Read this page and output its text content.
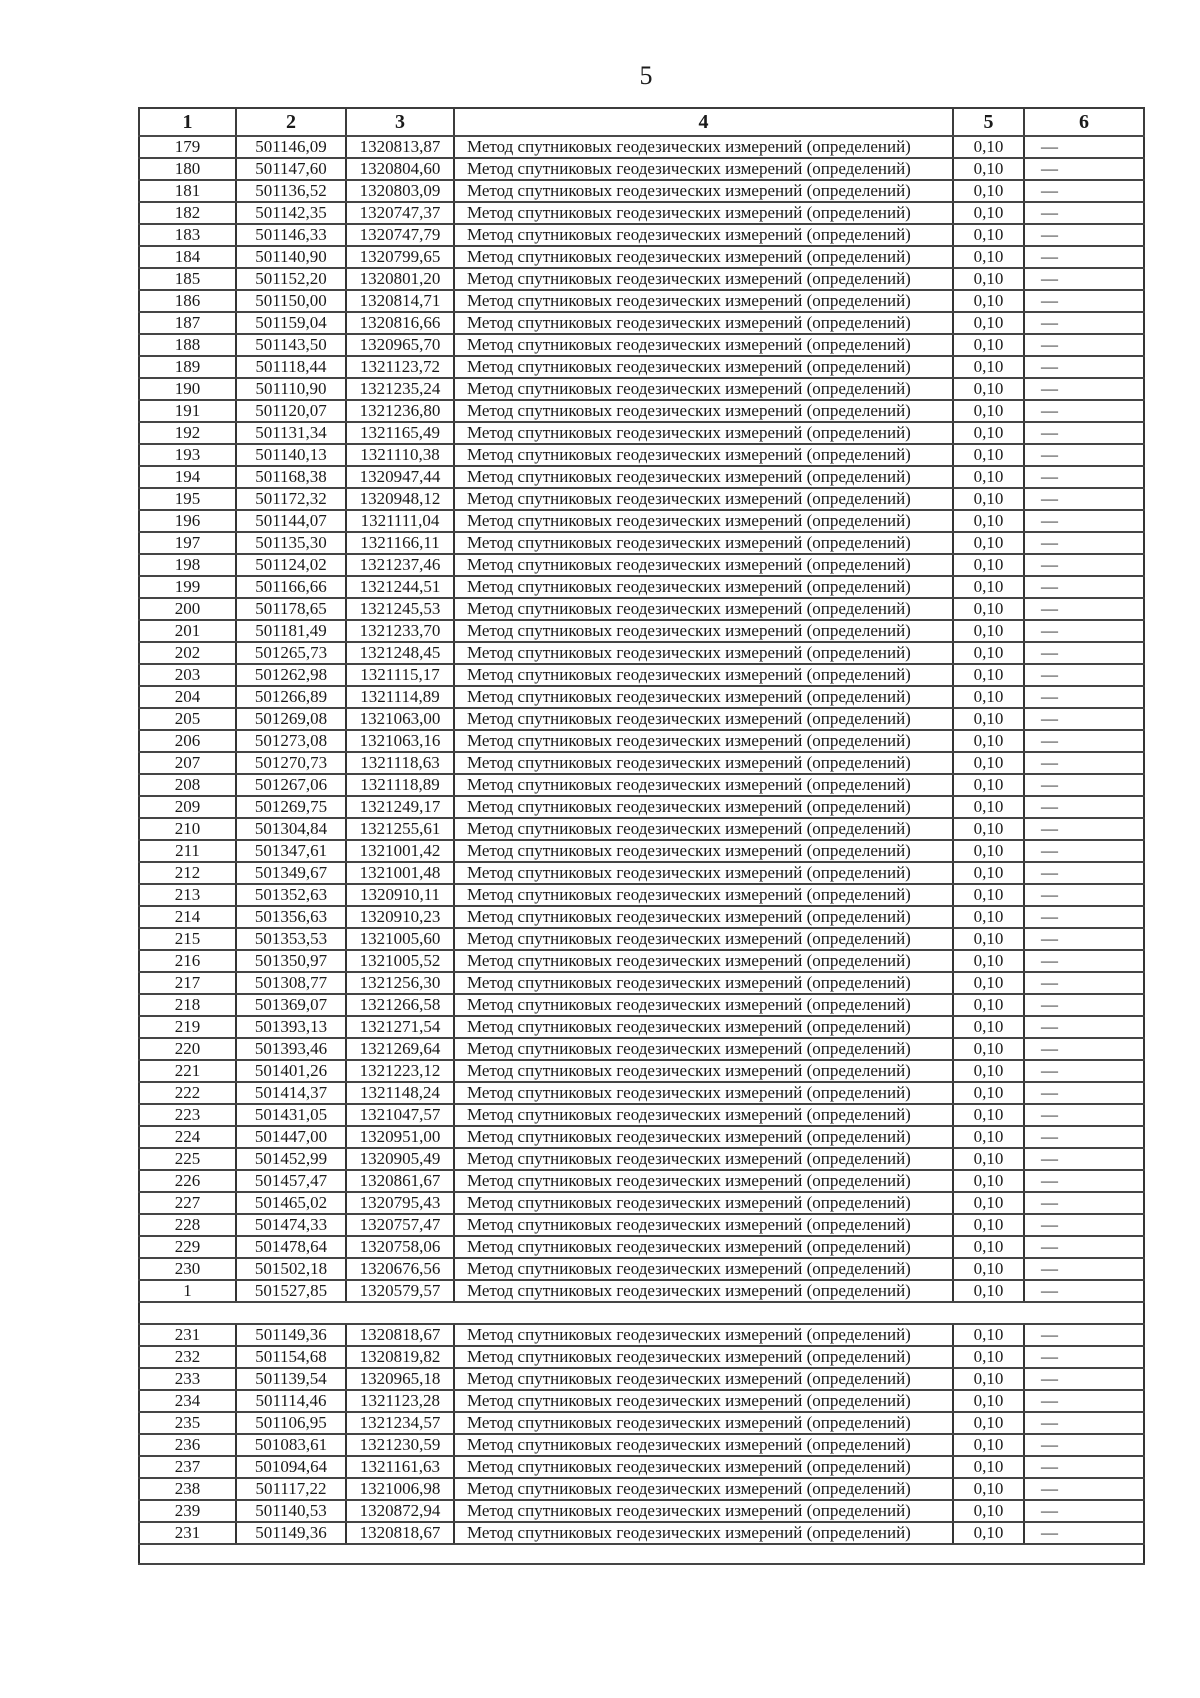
5
1	2	3	4	5	6
179	501146,09	1320813,87	Метод спутниковых геодезических измерений (определений)	0,10	—
180	501147,60	1320804,60	Метод спутниковых геодезических измерений (определений)	0,10	—
181	501136,52	1320803,09	Метод спутниковых геодезических измерений (определений)	0,10	—
182	501142,35	1320747,37	Метод спутниковых геодезических измерений (определений)	0,10	—
183	501146,33	1320747,79	Метод спутниковых геодезических измерений (определений)	0,10	—
184	501140,90	1320799,65	Метод спутниковых геодезических измерений (определений)	0,10	—
185	501152,20	1320801,20	Метод спутниковых геодезических измерений (определений)	0,10	—
186	501150,00	1320814,71	Метод спутниковых геодезических измерений (определений)	0,10	—
187	501159,04	1320816,66	Метод спутниковых геодезических измерений (определений)	0,10	—
188	501143,50	1320965,70	Метод спутниковых геодезических измерений (определений)	0,10	—
189	501118,44	1321123,72	Метод спутниковых геодезических измерений (определений)	0,10	—
190	501110,90	1321235,24	Метод спутниковых геодезических измерений (определений)	0,10	—
191	501120,07	1321236,80	Метод спутниковых геодезических измерений (определений)	0,10	—
192	501131,34	1321165,49	Метод спутниковых геодезических измерений (определений)	0,10	—
193	501140,13	1321110,38	Метод спутниковых геодезических измерений (определений)	0,10	—
194	501168,38	1320947,44	Метод спутниковых геодезических измерений (определений)	0,10	—
195	501172,32	1320948,12	Метод спутниковых геодезических измерений (определений)	0,10	—
196	501144,07	1321111,04	Метод спутниковых геодезических измерений (определений)	0,10	—
197	501135,30	1321166,11	Метод спутниковых геодезических измерений (определений)	0,10	—
198	501124,02	1321237,46	Метод спутниковых геодезических измерений (определений)	0,10	—
199	501166,66	1321244,51	Метод спутниковых геодезических измерений (определений)	0,10	—
200	501178,65	1321245,53	Метод спутниковых геодезических измерений (определений)	0,10	—
201	501181,49	1321233,70	Метод спутниковых геодезических измерений (определений)	0,10	—
202	501265,73	1321248,45	Метод спутниковых геодезических измерений (определений)	0,10	—
203	501262,98	1321115,17	Метод спутниковых геодезических измерений (определений)	0,10	—
204	501266,89	1321114,89	Метод спутниковых геодезических измерений (определений)	0,10	—
205	501269,08	1321063,00	Метод спутниковых геодезических измерений (определений)	0,10	—
206	501273,08	1321063,16	Метод спутниковых геодезических измерений (определений)	0,10	—
207	501270,73	1321118,63	Метод спутниковых геодезических измерений (определений)	0,10	—
208	501267,06	1321118,89	Метод спутниковых геодезических измерений (определений)	0,10	—
209	501269,75	1321249,17	Метод спутниковых геодезических измерений (определений)	0,10	—
210	501304,84	1321255,61	Метод спутниковых геодезических измерений (определений)	0,10	—
211	501347,61	1321001,42	Метод спутниковых геодезических измерений (определений)	0,10	—
212	501349,67	1321001,48	Метод спутниковых геодезических измерений (определений)	0,10	—
213	501352,63	1320910,11	Метод спутниковых геодезических измерений (определений)	0,10	—
214	501356,63	1320910,23	Метод спутниковых геодезических измерений (определений)	0,10	—
215	501353,53	1321005,60	Метод спутниковых геодезических измерений (определений)	0,10	—
216	501350,97	1321005,52	Метод спутниковых геодезических измерений (определений)	0,10	—
217	501308,77	1321256,30	Метод спутниковых геодезических измерений (определений)	0,10	—
218	501369,07	1321266,58	Метод спутниковых геодезических измерений (определений)	0,10	—
219	501393,13	1321271,54	Метод спутниковых геодезических измерений (определений)	0,10	—
220	501393,46	1321269,64	Метод спутниковых геодезических измерений (определений)	0,10	—
221	501401,26	1321223,12	Метод спутниковых геодезических измерений (определений)	0,10	—
222	501414,37	1321148,24	Метод спутниковых геодезических измерений (определений)	0,10	—
223	501431,05	1321047,57	Метод спутниковых геодезических измерений (определений)	0,10	—
224	501447,00	1320951,00	Метод спутниковых геодезических измерений (определений)	0,10	—
225	501452,99	1320905,49	Метод спутниковых геодезических измерений (определений)	0,10	—
226	501457,47	1320861,67	Метод спутниковых геодезических измерений (определений)	0,10	—
227	501465,02	1320795,43	Метод спутниковых геодезических измерений (определений)	0,10	—
228	501474,33	1320757,47	Метод спутниковых геодезических измерений (определений)	0,10	—
229	501478,64	1320758,06	Метод спутниковых геодезических измерений (определений)	0,10	—
230	501502,18	1320676,56	Метод спутниковых геодезических измерений (определений)	0,10	—
1	501527,85	1320579,57	Метод спутниковых геодезических измерений (определений)	0,10	—

231	501149,36	1320818,67	Метод спутниковых геодезических измерений (определений)	0,10	—
232	501154,68	1320819,82	Метод спутниковых геодезических измерений (определений)	0,10	—
233	501139,54	1320965,18	Метод спутниковых геодезических измерений (определений)	0,10	—
234	501114,46	1321123,28	Метод спутниковых геодезических измерений (определений)	0,10	—
235	501106,95	1321234,57	Метод спутниковых геодезических измерений (определений)	0,10	—
236	501083,61	1321230,59	Метод спутниковых геодезических измерений (определений)	0,10	—
237	501094,64	1321161,63	Метод спутниковых геодезических измерений (определений)	0,10	—
238	501117,22	1321006,98	Метод спутниковых геодезических измерений (определений)	0,10	—
239	501140,53	1320872,94	Метод спутниковых геодезических измерений (определений)	0,10	—
231	501149,36	1320818,67	Метод спутниковых геодезических измерений (определений)	0,10	—
